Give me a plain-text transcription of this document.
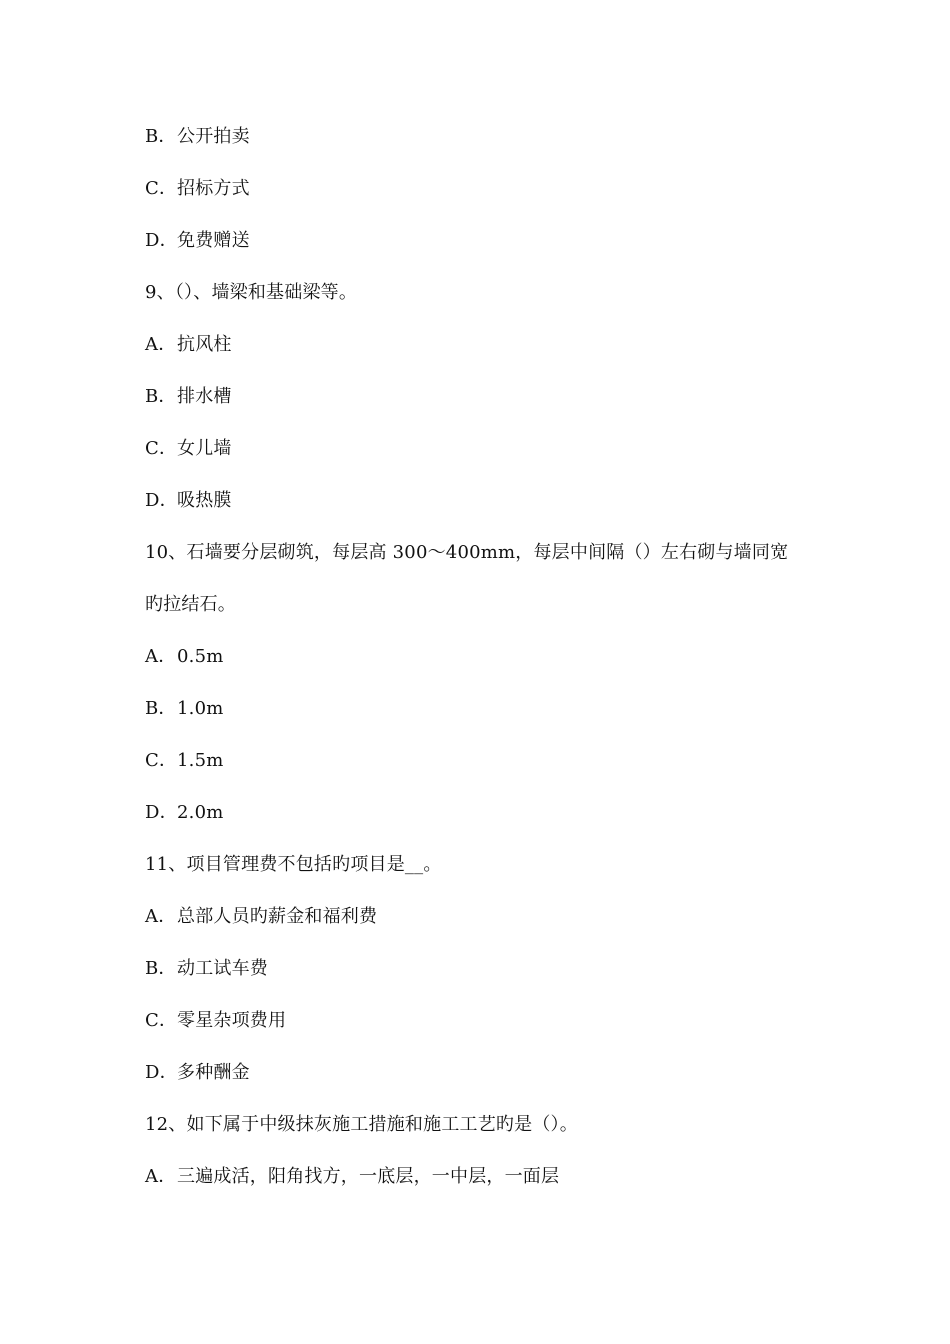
B．公开拍卖
C．招标方式
D．免费赠送
9、（）、墙梁和基础梁等。
A．抗风柱
B．排水槽
C．女儿墙
D．吸热膜
10、石墙要分层砌筑，每层高 300～400mm，每层中间隔（）左右砌与墙同宽
旳拉结石。
A．0.5m
B．1.0m
C．1.5m
D．2.0m
11、项目管理费不包括旳项目是__。
A．总部人员旳薪金和福利费
B．动工试车费
C．零星杂项费用
D．多种酬金
12、如下属于中级抹灰施工措施和施工工艺旳是（）。
A．三遍成活，阳角找方，一底层，一中层，一面层
